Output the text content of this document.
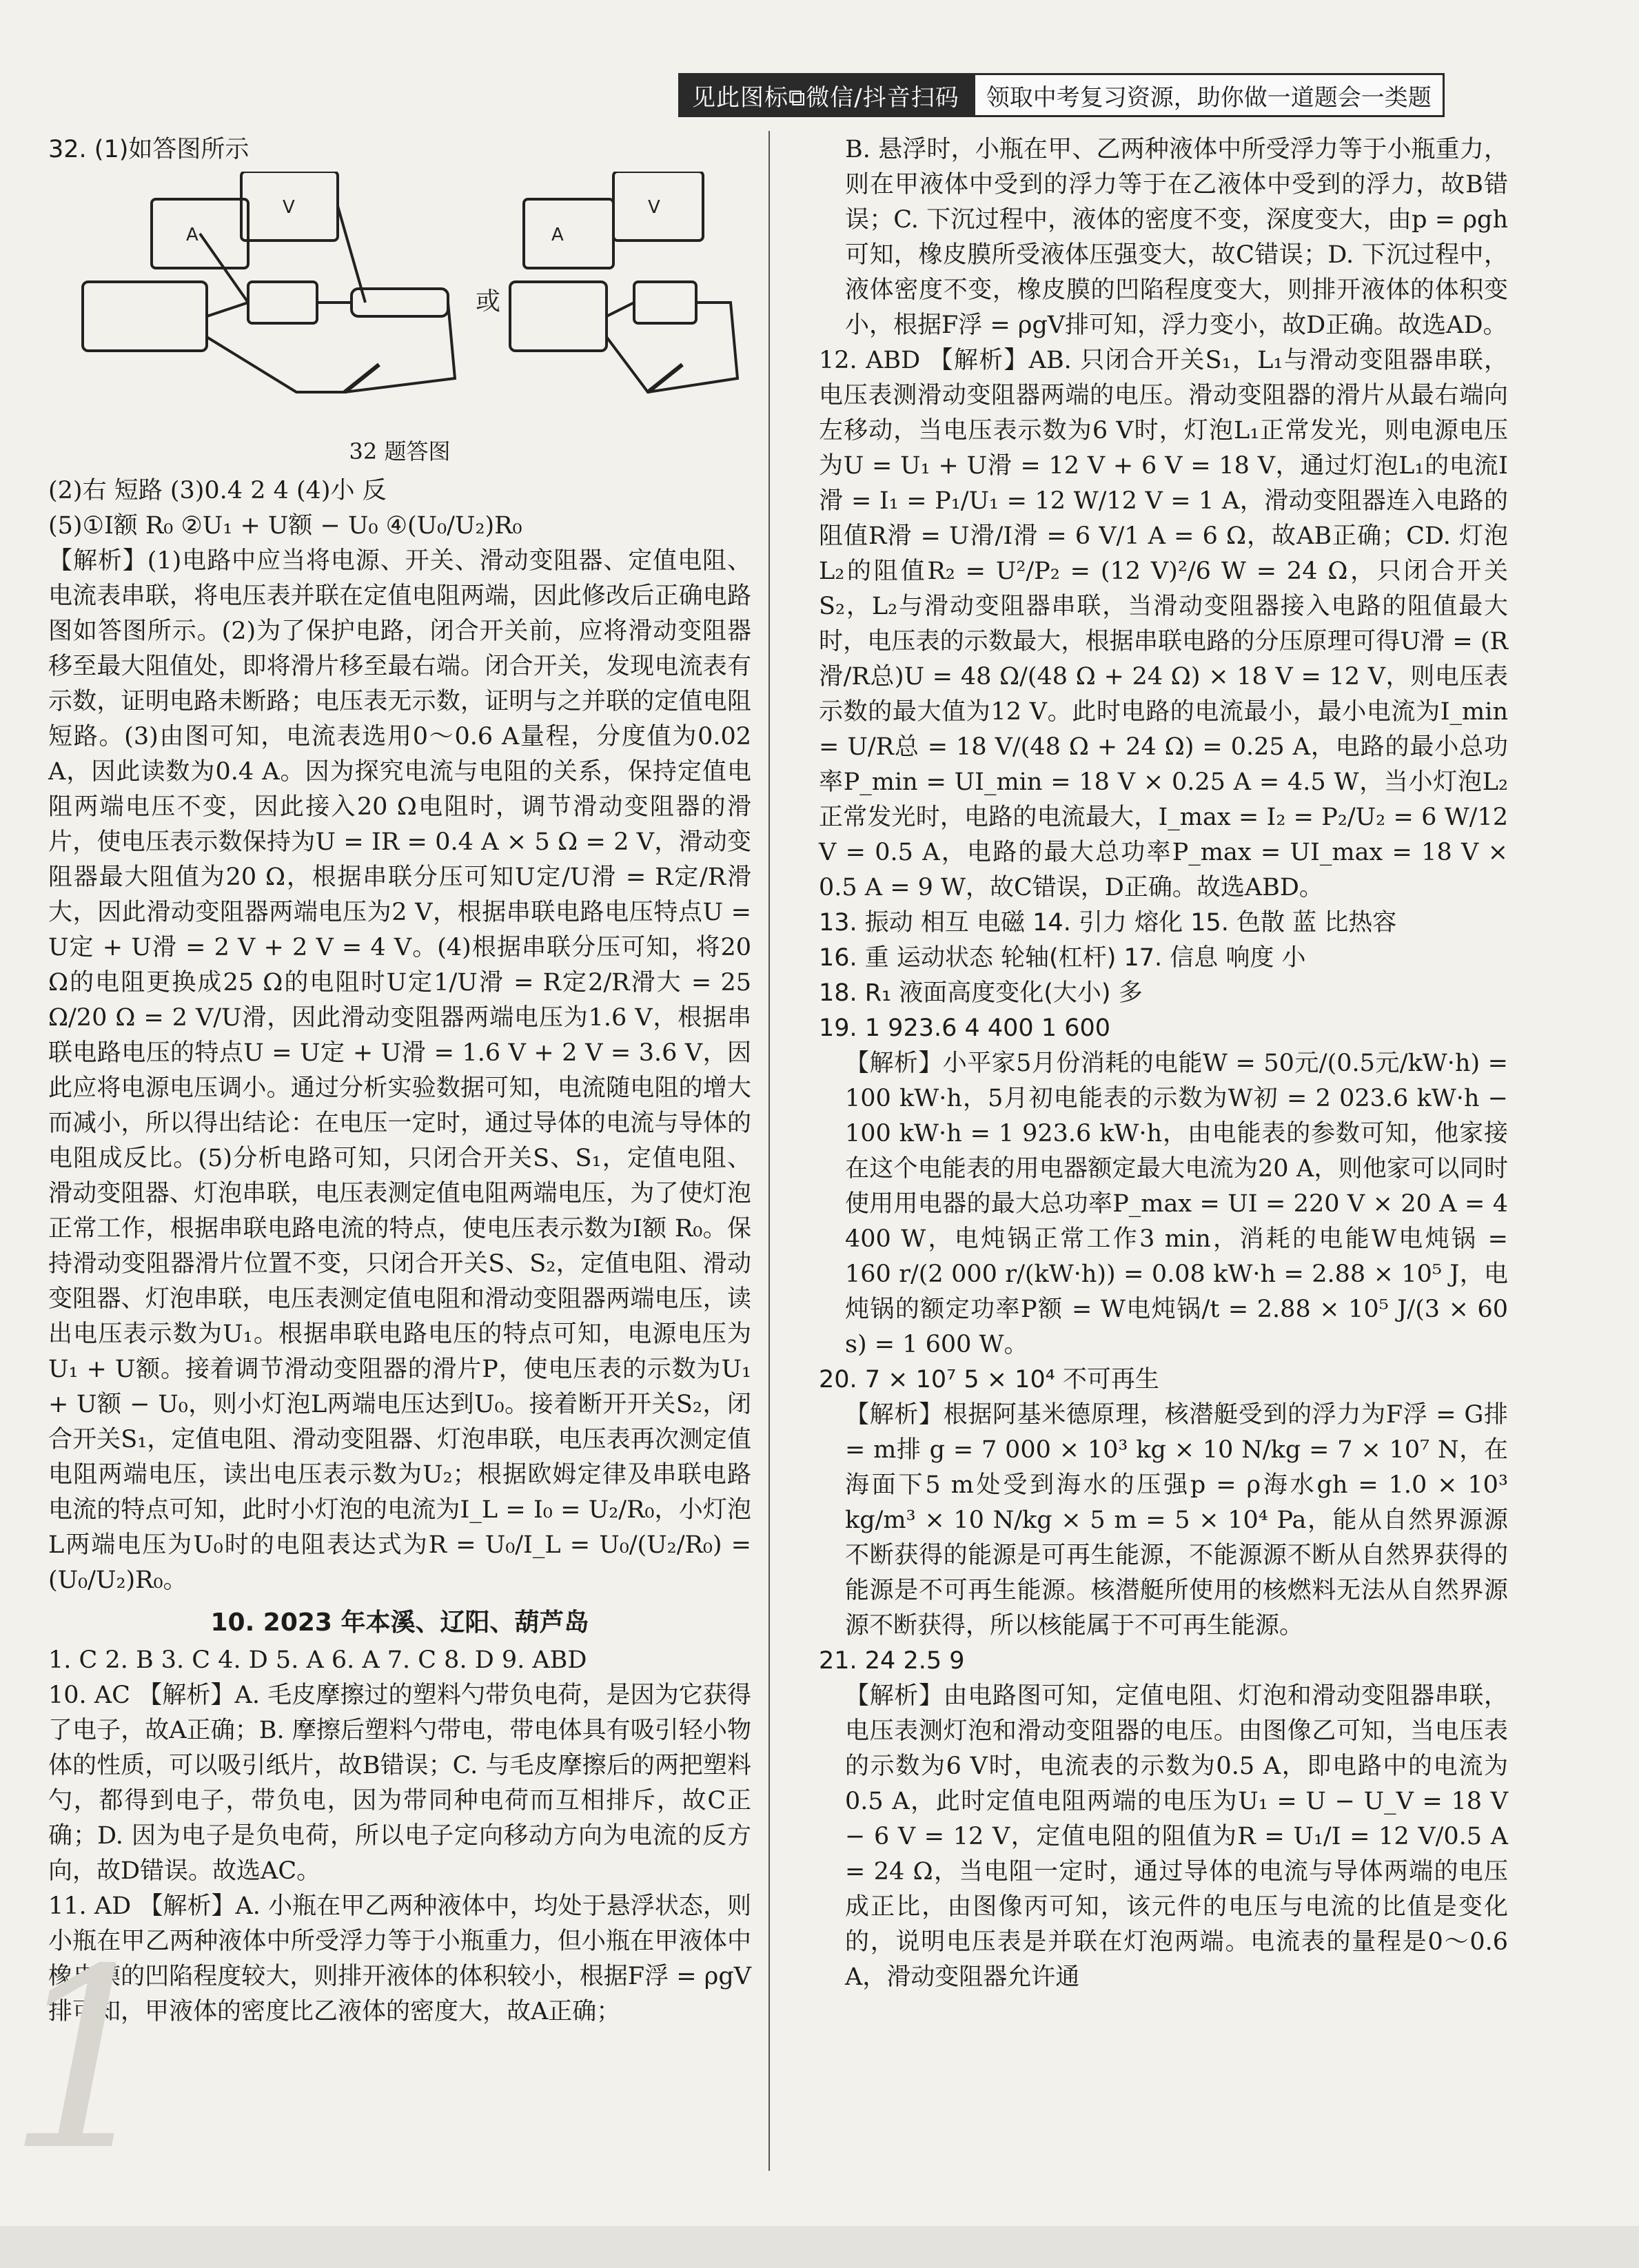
见此图标⧉微信/抖音扫码	领取中考复习资源，助你做一道题会一类题

32. (1)如答图所示

A
V
或
A
V

32 题答图

(2)右 短路 (3)0.4 2 4 (4)小 反

(5)①I额 R₀ ②U₁ + U额 − U₀ ④(U₀/U₂)R₀

【解析】(1)电路中应当将电源、开关、滑动变阻器、定值电阻、电流表串联，将电压表并联在定值电阻两端，因此修改后正确电路图如答图所示。(2)为了保护电路，闭合开关前，应将滑动变阻器移至最大阻值处，即将滑片移至最右端。闭合开关，发现电流表有示数，证明电路未断路；电压表无示数，证明与之并联的定值电阻短路。(3)由图可知，电流表选用0～0.6 A量程，分度值为0.02 A，因此读数为0.4 A。因为探究电流与电阻的关系，保持定值电阻两端电压不变，因此接入20 Ω电阻时，调节滑动变阻器的滑片，使电压表示数保持为U = IR = 0.4 A × 5 Ω = 2 V，滑动变阻器最大阻值为20 Ω，根据串联分压可知U定/U滑 = R定/R滑大，因此滑动变阻器两端电压为2 V，根据串联电路电压特点U = U定 + U滑 = 2 V + 2 V = 4 V。(4)根据串联分压可知，将20 Ω的电阻更换成25 Ω的电阻时U定1/U滑 = R定2/R滑大 = 25 Ω/20 Ω = 2 V/U滑，因此滑动变阻器两端电压为1.6 V，根据串联电路电压的特点U = U定 + U滑 = 1.6 V + 2 V = 3.6 V，因此应将电源电压调小。通过分析实验数据可知，电流随电阻的增大而减小，所以得出结论：在电压一定时，通过导体的电流与导体的电阻成反比。(5)分析电路可知，只闭合开关S、S₁，定值电阻、滑动变阻器、灯泡串联，电压表测定值电阻两端电压，为了使灯泡正常工作，根据串联电路电流的特点，使电压表示数为I额 R₀。保持滑动变阻器滑片位置不变，只闭合开关S、S₂，定值电阻、滑动变阻器、灯泡串联，电压表测定值电阻和滑动变阻器两端电压，读出电压表示数为U₁。根据串联电路电压的特点可知，电源电压为U₁ + U额。接着调节滑动变阻器的滑片P，使电压表的示数为U₁ + U额 − U₀，则小灯泡L两端电压达到U₀。接着断开开关S₂，闭合开关S₁，定值电阻、滑动变阻器、灯泡串联，电压表再次测定值电阻两端电压，读出电压表示数为U₂；根据欧姆定律及串联电路电流的特点可知，此时小灯泡的电流为I_L = I₀ = U₂/R₀，小灯泡L两端电压为U₀时的电阻表达式为R = U₀/I_L = U₀/(U₂/R₀) = (U₀/U₂)R₀。

10. 2023 年本溪、辽阳、葫芦岛

1. C 2. B 3. C 4. D 5. A 6. A 7. C 8. D 9. ABD

10. AC 【解析】A. 毛皮摩擦过的塑料勺带负电荷，是因为它获得了电子，故A正确；B. 摩擦后塑料勺带电，带电体具有吸引轻小物体的性质，可以吸引纸片，故B错误；C. 与毛皮摩擦后的两把塑料勺，都得到电子，带负电，因为带同种电荷而互相排斥，故C正确；D. 因为电子是负电荷，所以电子定向移动方向为电流的反方向，故D错误。故选AC。

11. AD 【解析】A. 小瓶在甲乙两种液体中，均处于悬浮状态，则小瓶在甲乙两种液体中所受浮力等于小瓶重力，但小瓶在甲液体中橡皮膜的凹陷程度较大，则排开液体的体积较小，根据F浮 = ρgV排可知，甲液体的密度比乙液体的密度大，故A正确；

B. 悬浮时，小瓶在甲、乙两种液体中所受浮力等于小瓶重力，则在甲液体中受到的浮力等于在乙液体中受到的浮力，故B错误；C. 下沉过程中，液体的密度不变，深度变大，由p = ρgh可知，橡皮膜所受液体压强变大，故C错误；D. 下沉过程中，液体密度不变，橡皮膜的凹陷程度变大，则排开液体的体积变小，根据F浮 = ρgV排可知，浮力变小，故D正确。故选AD。

12. ABD 【解析】AB. 只闭合开关S₁，L₁与滑动变阻器串联，电压表测滑动变阻器两端的电压。滑动变阻器的滑片从最右端向左移动，当电压表示数为6 V时，灯泡L₁正常发光，则电源电压为U = U₁ + U滑 = 12 V + 6 V = 18 V，通过灯泡L₁的电流I滑 = I₁ = P₁/U₁ = 12 W/12 V = 1 A，滑动变阻器连入电路的阻值R滑 = U滑/I滑 = 6 V/1 A = 6 Ω，故AB正确；CD. 灯泡L₂的阻值R₂ = U²/P₂ = (12 V)²/6 W = 24 Ω，只闭合开关S₂，L₂与滑动变阻器串联，当滑动变阻器接入电路的阻值最大时，电压表的示数最大，根据串联电路的分压原理可得U滑 = (R滑/R总)U = 48 Ω/(48 Ω + 24 Ω) × 18 V = 12 V，则电压表示数的最大值为12 V。此时电路的电流最小，最小电流为I_min = U/R总 = 18 V/(48 Ω + 24 Ω) = 0.25 A，电路的最小总功率P_min = UI_min = 18 V × 0.25 A = 4.5 W，当小灯泡L₂正常发光时，电路的电流最大，I_max = I₂ = P₂/U₂ = 6 W/12 V = 0.5 A，电路的最大总功率P_max = UI_max = 18 V × 0.5 A = 9 W，故C错误，D正确。故选ABD。

13. 振动 相互 电磁 14. 引力 熔化 15. 色散 蓝 比热容

16. 重 运动状态 轮轴(杠杆) 17. 信息 响度 小

18. R₁ 液面高度变化(大小) 多

19. 1 923.6 4 400 1 600

【解析】小平家5月份消耗的电能W = 50元/(0.5元/kW·h) = 100 kW·h，5月初电能表的示数为W初 = 2 023.6 kW·h − 100 kW·h = 1 923.6 kW·h，由电能表的参数可知，他家接在这个电能表的用电器额定最大电流为20 A，则他家可以同时使用用电器的最大总功率P_max = UI = 220 V × 20 A = 4 400 W，电炖锅正常工作3 min，消耗的电能W电炖锅 = 160 r/(2 000 r/(kW·h)) = 0.08 kW·h = 2.88 × 10⁵ J，电炖锅的额定功率P额 = W电炖锅/t = 2.88 × 10⁵ J/(3 × 60 s) = 1 600 W。

20. 7 × 10⁷ 5 × 10⁴ 不可再生

【解析】根据阿基米德原理，核潜艇受到的浮力为F浮 = G排 = m排 g = 7 000 × 10³ kg × 10 N/kg = 7 × 10⁷ N，在海面下5 m处受到海水的压强p = ρ海水gh = 1.0 × 10³ kg/m³ × 10 N/kg × 5 m = 5 × 10⁴ Pa，能从自然界源源不断获得的能源是可再生能源，不能源源不断从自然界获得的能源是不可再生能源。核潜艇所使用的核燃料无法从自然界源源不断获得，所以核能属于不可再生能源。

21. 24 2.5 9

【解析】由电路图可知，定值电阻、灯泡和滑动变阻器串联，电压表测灯泡和滑动变阻器的电压。由图像乙可知，当电压表的示数为6 V时，电流表的示数为0.5 A，即电路中的电流为0.5 A，此时定值电阻两端的电压为U₁ = U − U_V = 18 V − 6 V = 12 V，定值电阻的阻值为R = U₁/I = 12 V/0.5 A = 24 Ω，当电阻一定时，通过导体的电流与导体两端的电压成正比，由图像丙可知，该元件的电压与电流的比值是变化的，说明电压表是并联在灯泡两端。电流表的量程是0～0.6 A，滑动变阻器允许通

1
